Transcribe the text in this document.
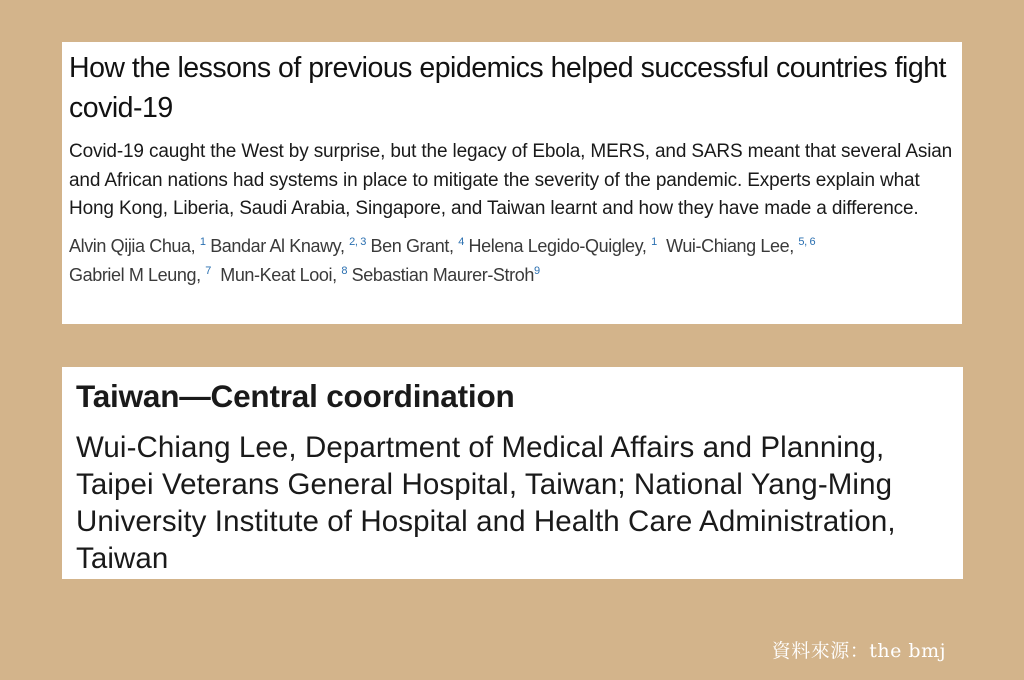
How the lessons of previous epidemics helped successful countries fight covid-19

Covid-19 caught the West by surprise, but the legacy of Ebola, MERS, and SARS meant that several Asian and African nations had systems in place to mitigate the severity of the pandemic. Experts explain what Hong Kong, Liberia, Saudi Arabia, Singapore, and Taiwan learnt and how they have made a difference.

Alvin Qijia Chua, $^1$ Bandar Al Knawy, $^{2, 3}$ Ben Grant, $^4$ Helena Legido-Quigley, $^1$ Wui-Chiang Lee, $^{5, 6}$
Gabriel M Leung, $^7$ Mun-Keat Looi, $^8$ Sebastian Maurer-Stroh$^9$
Taiwan—Central coordination

Wui-Chiang Lee, Department of Medical Affairs and Planning, Taipei Veterans General Hospital, Taiwan; National Yang-Ming University Institute of Hospital and Health Care Administration, Taiwan

資料來源：the bmj
